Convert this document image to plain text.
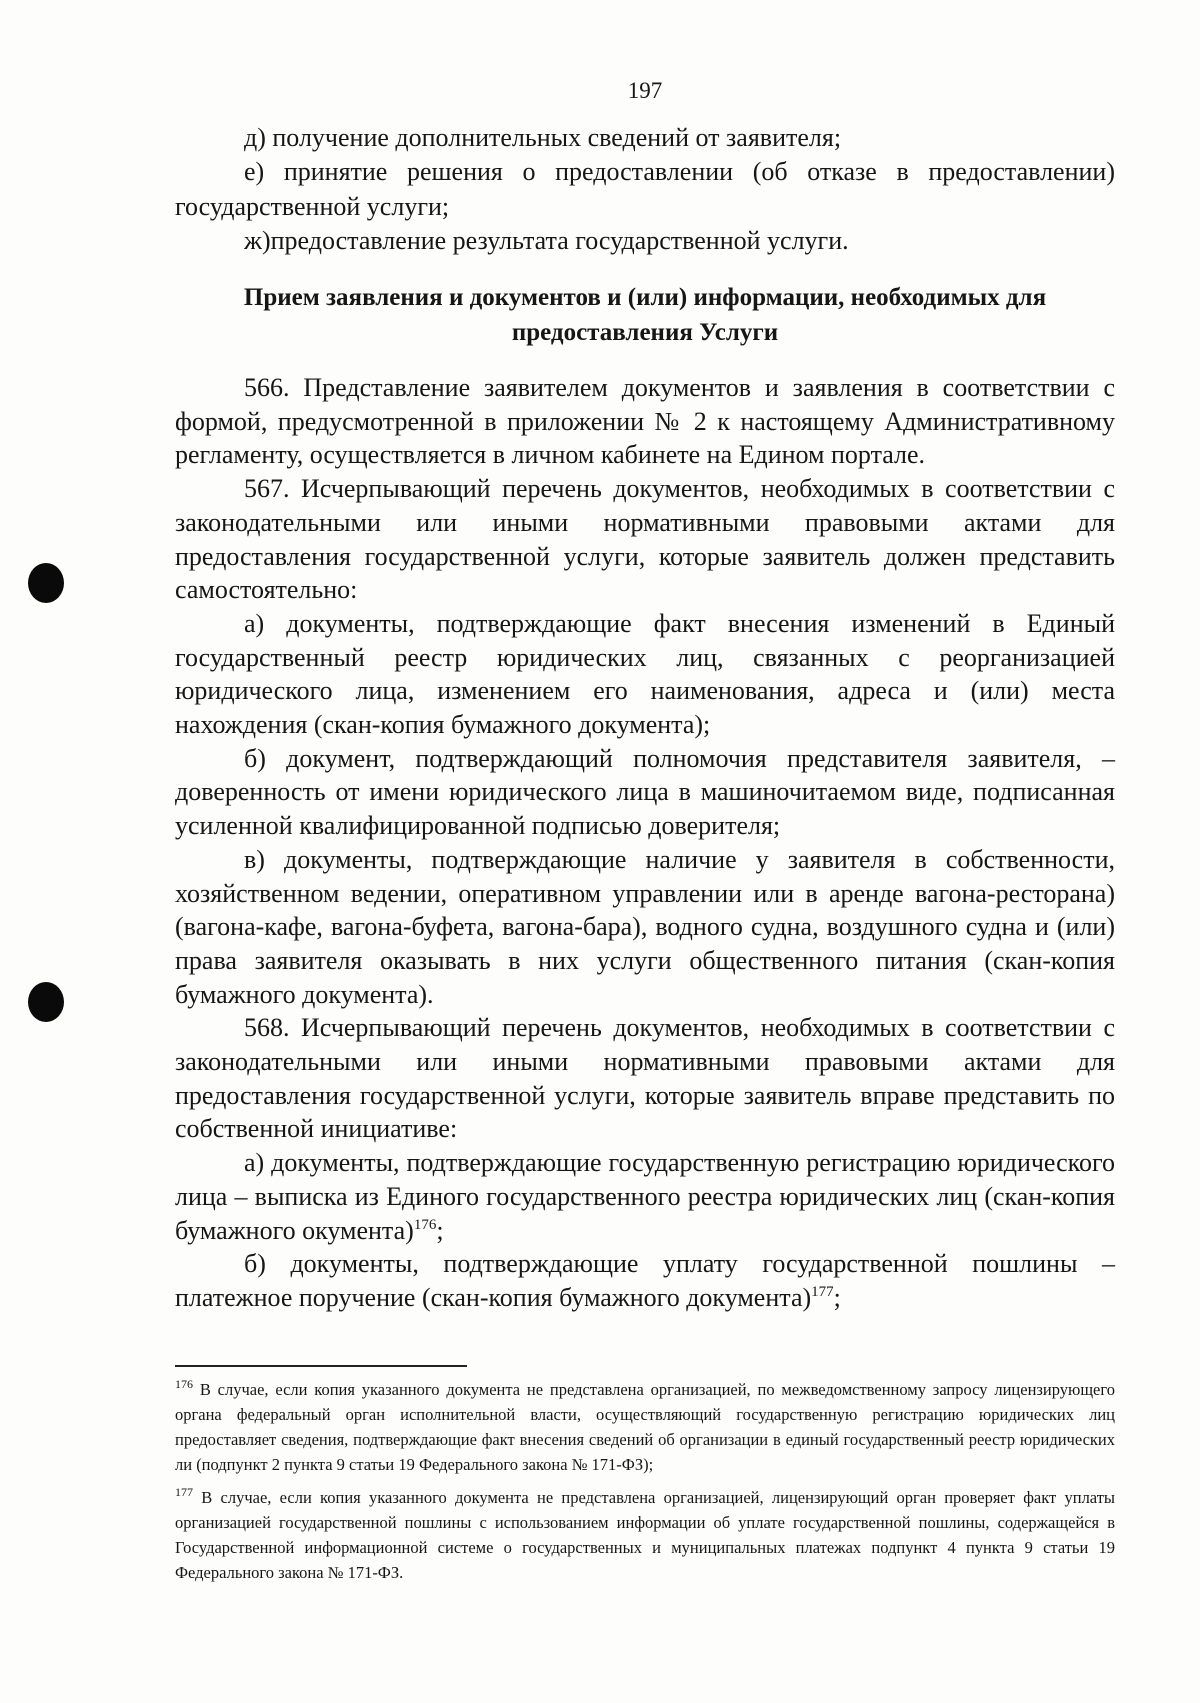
197

д) получение дополнительных сведений от заявителя;

е) принятие решения о предоставлении (об отказе в предоставлении) государственной услуги;

ж)предоставление результата государственной услуги.

Прием заявления и документов и (или) информации, необходимых для предоставления Услуги

566. Представление заявителем документов и заявления в соответствии с формой, предусмотренной в приложении № 2 к настоящему Административному регламенту, осуществляется в личном кабинете на Едином портале.

567. Исчерпывающий перечень документов, необходимых в соответствии с законодательными или иными нормативными правовыми актами для предоставления государственной услуги, которые заявитель должен представить самостоятельно:

а) документы, подтверждающие факт внесения изменений в Единый государственный реестр юридических лиц, связанных с реорганизацией юридического лица, изменением его наименования, адреса и (или) места нахождения (скан-копия бумажного документа);

б) документ, подтверждающий полномочия представителя заявителя, – доверенность от имени юридического лица в машиночитаемом виде, подписанная усиленной квалифицированной подписью доверителя;

в) документы, подтверждающие наличие у заявителя в собственности, хозяйственном ведении, оперативном управлении или в аренде вагона-ресторана) (вагона-кафе, вагона-буфета, вагона-бара), водного судна, воздушного судна и (или) права заявителя оказывать в них услуги общественного питания (скан-копия бумажного документа).

568. Исчерпывающий перечень документов, необходимых в соответствии с законодательными или иными нормативными правовыми актами для предоставления государственной услуги, которые заявитель вправе представить по собственной инициативе:

а) документы, подтверждающие государственную регистрацию юридического лица – выписка из Единого государственного реестра юридических лиц (скан-копия бумажного окумента)$^{176}$;

б) документы, подтверждающие уплату государственной пошлины – платежное поручение (скан-копия бумажного документа)$^{177}$;

$^{176}$ В случае, если копия указанного документа не представлена организацией, по межведомственному запросу лицензирующего органа федеральный орган исполнительной власти, осуществляющий государственную регистрацию юридических лиц предоставляет сведения, подтверждающие факт внесения сведений об организации в единый государственный реестр юридических ли (подпункт 2 пункта 9 статьи 19 Федерального закона № 171-ФЗ);

$^{177}$ В случае, если копия указанного документа не представлена организацией, лицензирующий орган проверяет факт уплаты организацией государственной пошлины с использованием информации об уплате государственной пошлины, содержащейся в Государственной информационной системе о государственных и муниципальных платежах подпункт 4 пункта 9 статьи 19 Федерального закона № 171-ФЗ.
